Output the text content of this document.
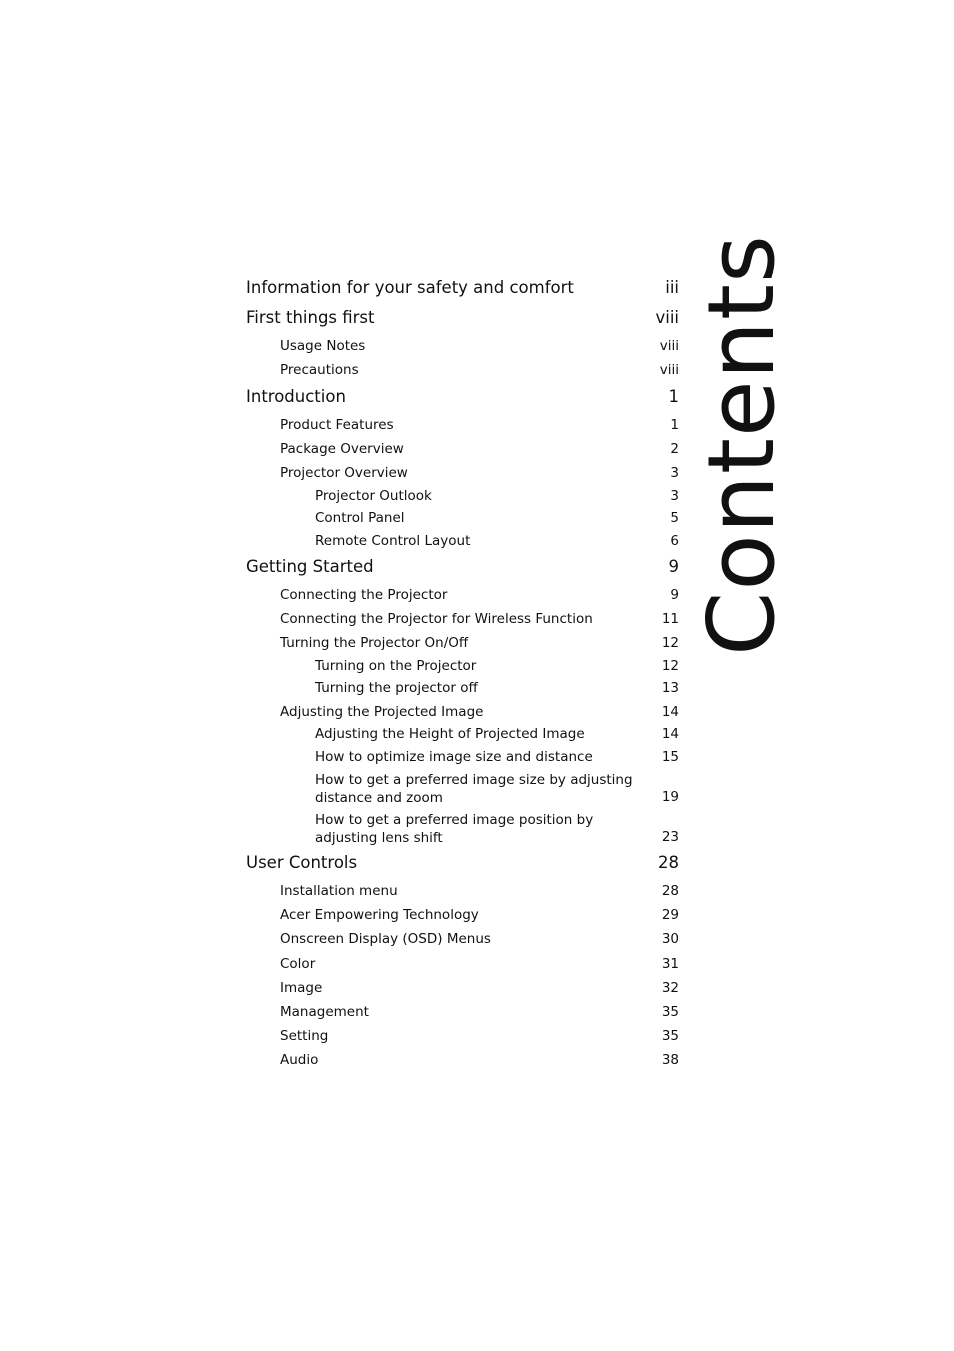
Contents
Information for your safety and comfort	iii
First things first	viii
Usage Notes	viii
Precautions	viii
Introduction	1
Product Features	1
Package Overview	2
Projector Overview	3
Projector Outlook	3
Control Panel	5
Remote Control Layout	6
Getting Started	9
Connecting the Projector	9
Connecting the Projector for Wireless Function	11
Turning the Projector On/Off	12
Turning on the Projector	12
Turning the projector off	13
Adjusting the Projected Image	14
Adjusting the Height of Projected Image	14
How to optimize image size and distance	15
How to get a preferred image size by adjusting
distance and zoom	19
How to get a preferred image position by
adjusting lens shift	23
User Controls	28
Installation menu	28
Acer Empowering Technology	29
Onscreen Display (OSD) Menus	30
Color	31
Image	32
Management	35
Setting	35
Audio	38
